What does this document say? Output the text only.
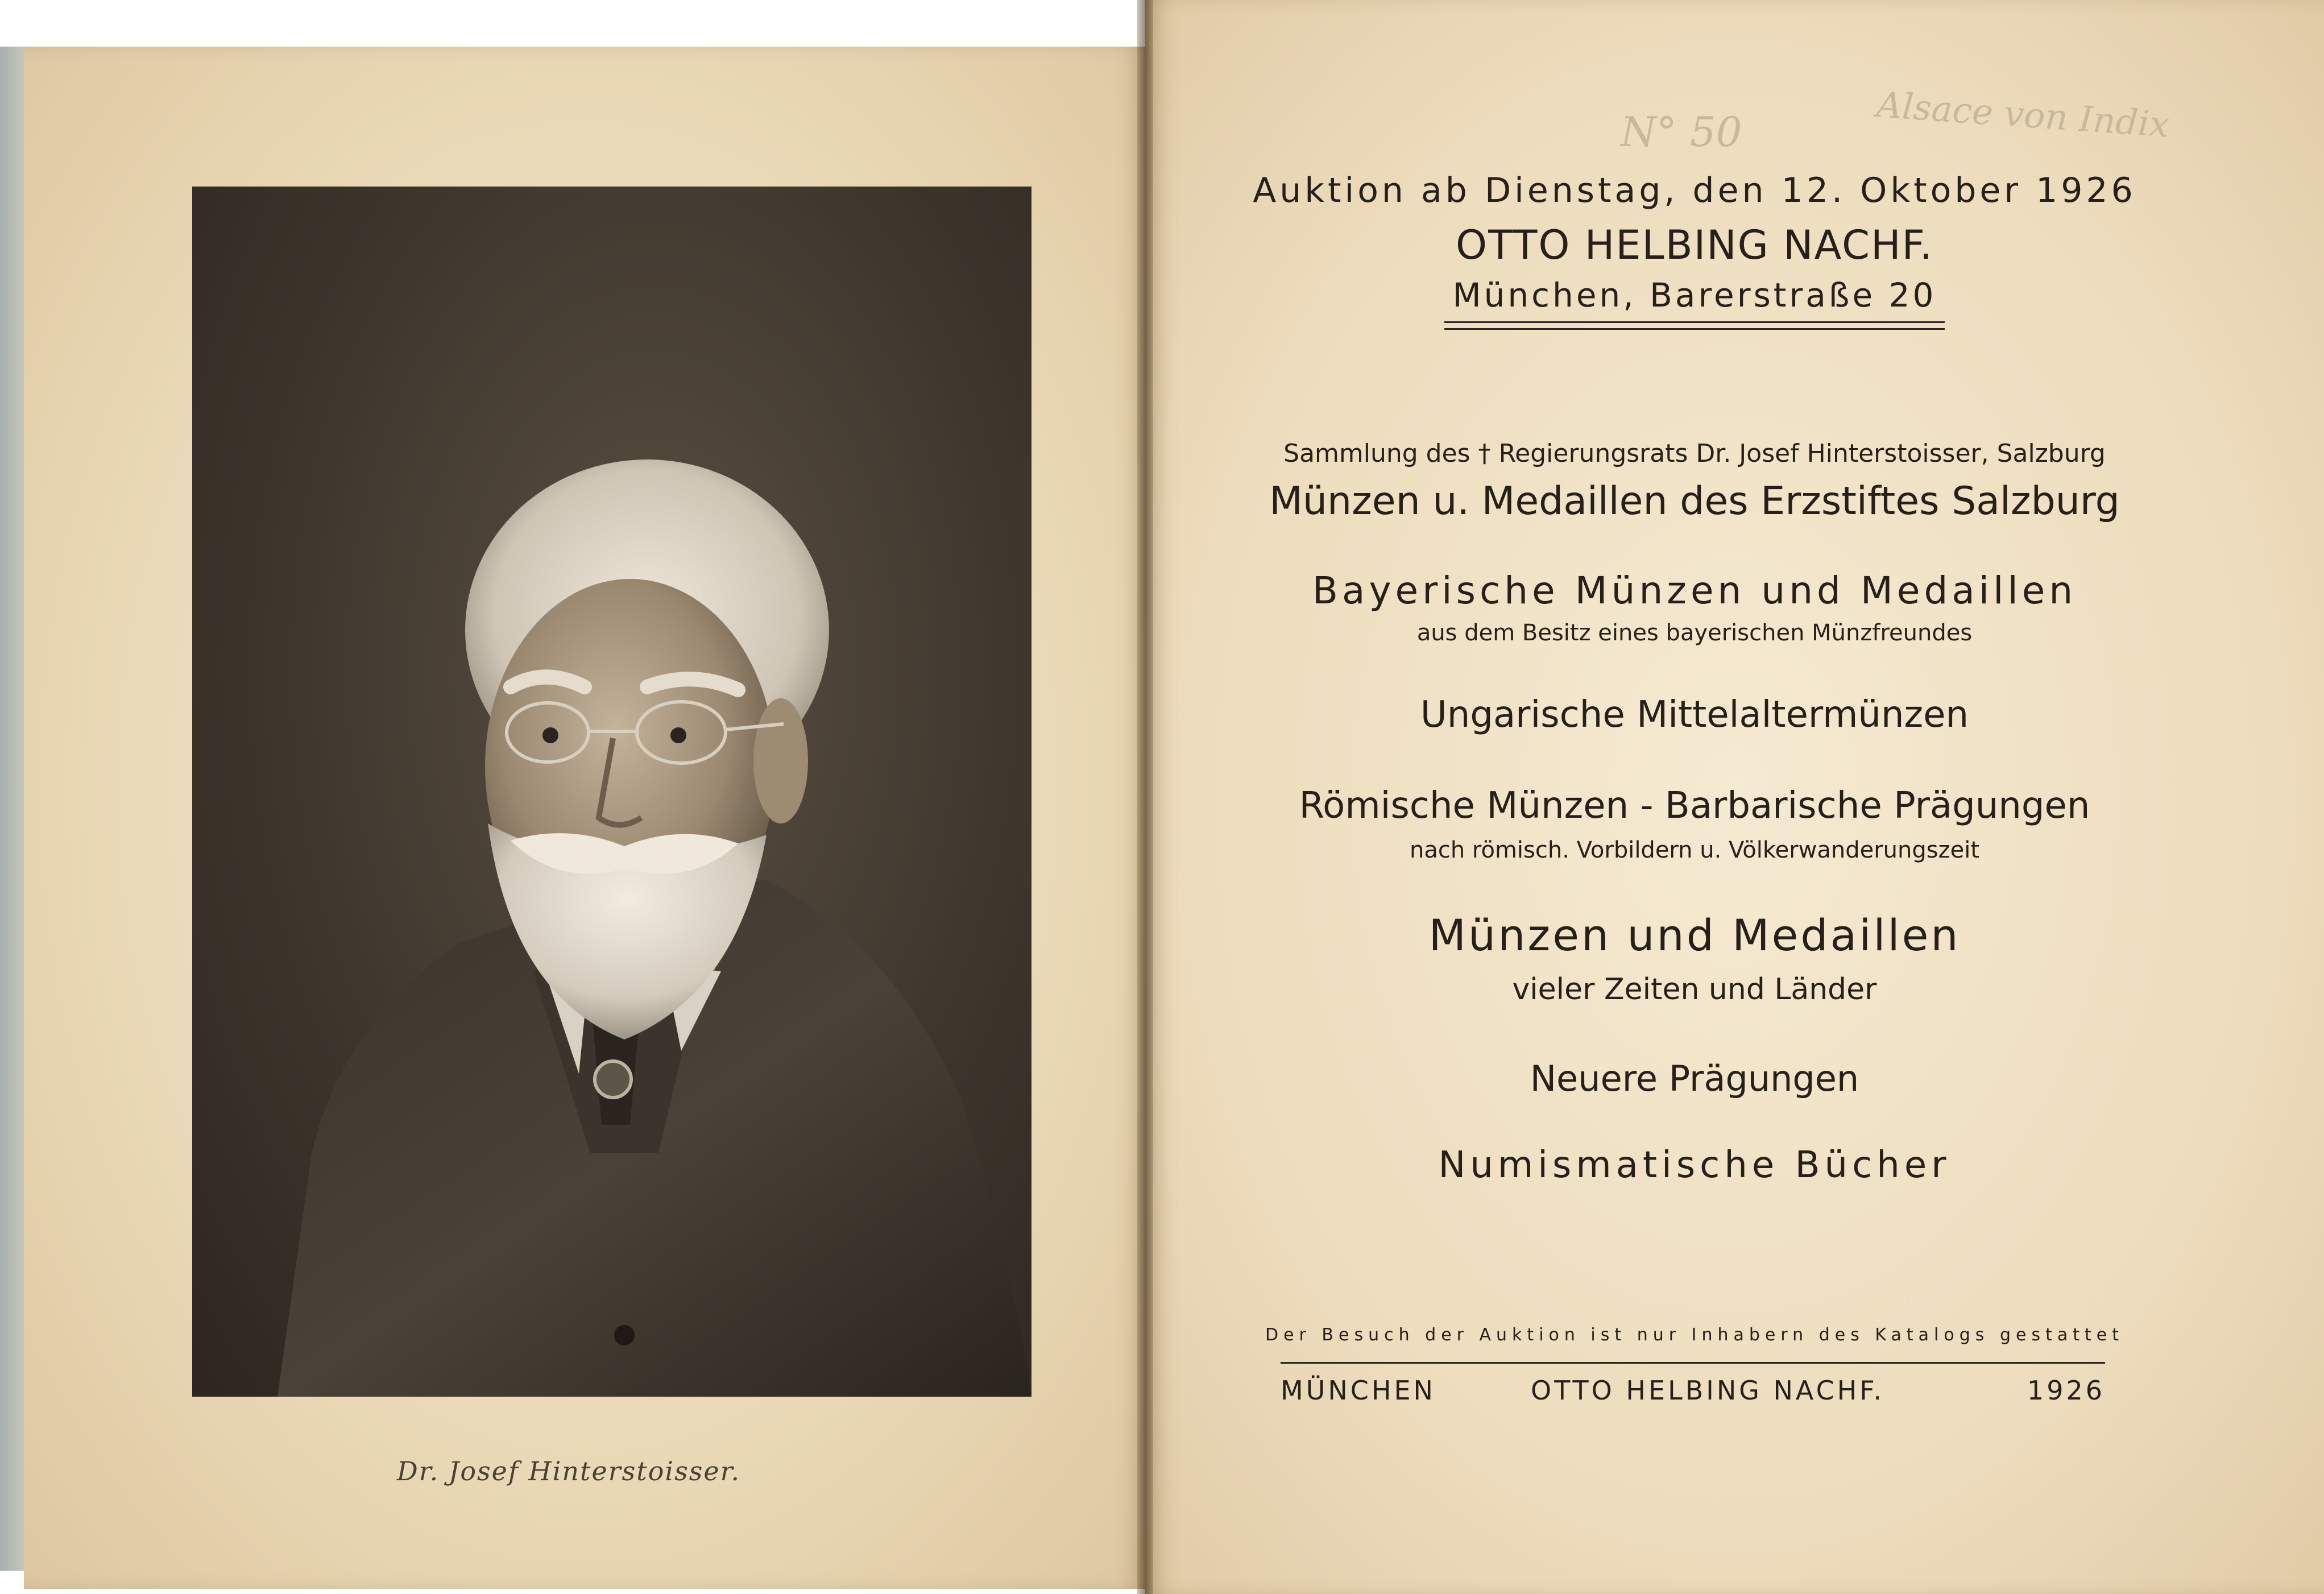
Dr. Josef Hinterstoisser.
N° 50	Alsace von Indix
Auktion ab Dienstag, den 12. Oktober 1926
OTTO HELBING NACHF.
München, Barerstraße 20
Sammlung des † Regierungsrats Dr. Josef Hinterstoisser, Salzburg
Münzen u. Medaillen des Erzstiftes Salzburg
Bayerische Münzen und Medaillen
aus dem Besitz eines bayerischen Münzfreundes
Ungarische Mittelaltermünzen
Römische Münzen - Barbarische Prägungen
nach römisch. Vorbildern u. Völkerwanderungszeit
Münzen und Medaillen
vieler Zeiten und Länder
Neuere Prägungen
Numismatische Bücher
Der Besuch der Auktion ist nur Inhabern des Katalogs gestattet
MÜNCHEN	OTTO HELBING NACHF.	1926
